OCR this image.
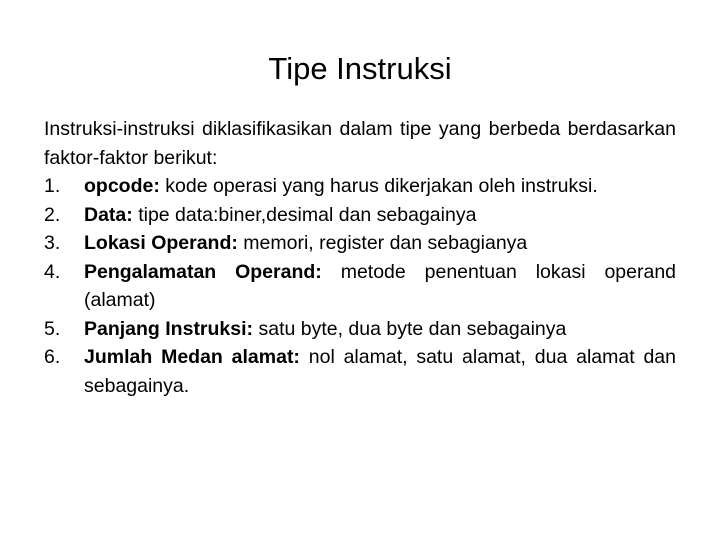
Tipe Instruksi

Instruksi-instruksi diklasifikasikan dalam tipe yang berbeda berdasarkan faktor-faktor berikut:

1. opcode: kode operasi yang harus dikerjakan oleh instruksi.
2. Data: tipe data:biner,desimal dan sebagainya
3. Lokasi Operand: memori, register dan sebagianya
4. Pengalamatan Operand: metode penentuan lokasi operand (alamat)
5. Panjang Instruksi: satu byte, dua byte dan sebagainya
6. Jumlah Medan alamat: nol alamat, satu alamat, dua alamat dan sebagainya.
